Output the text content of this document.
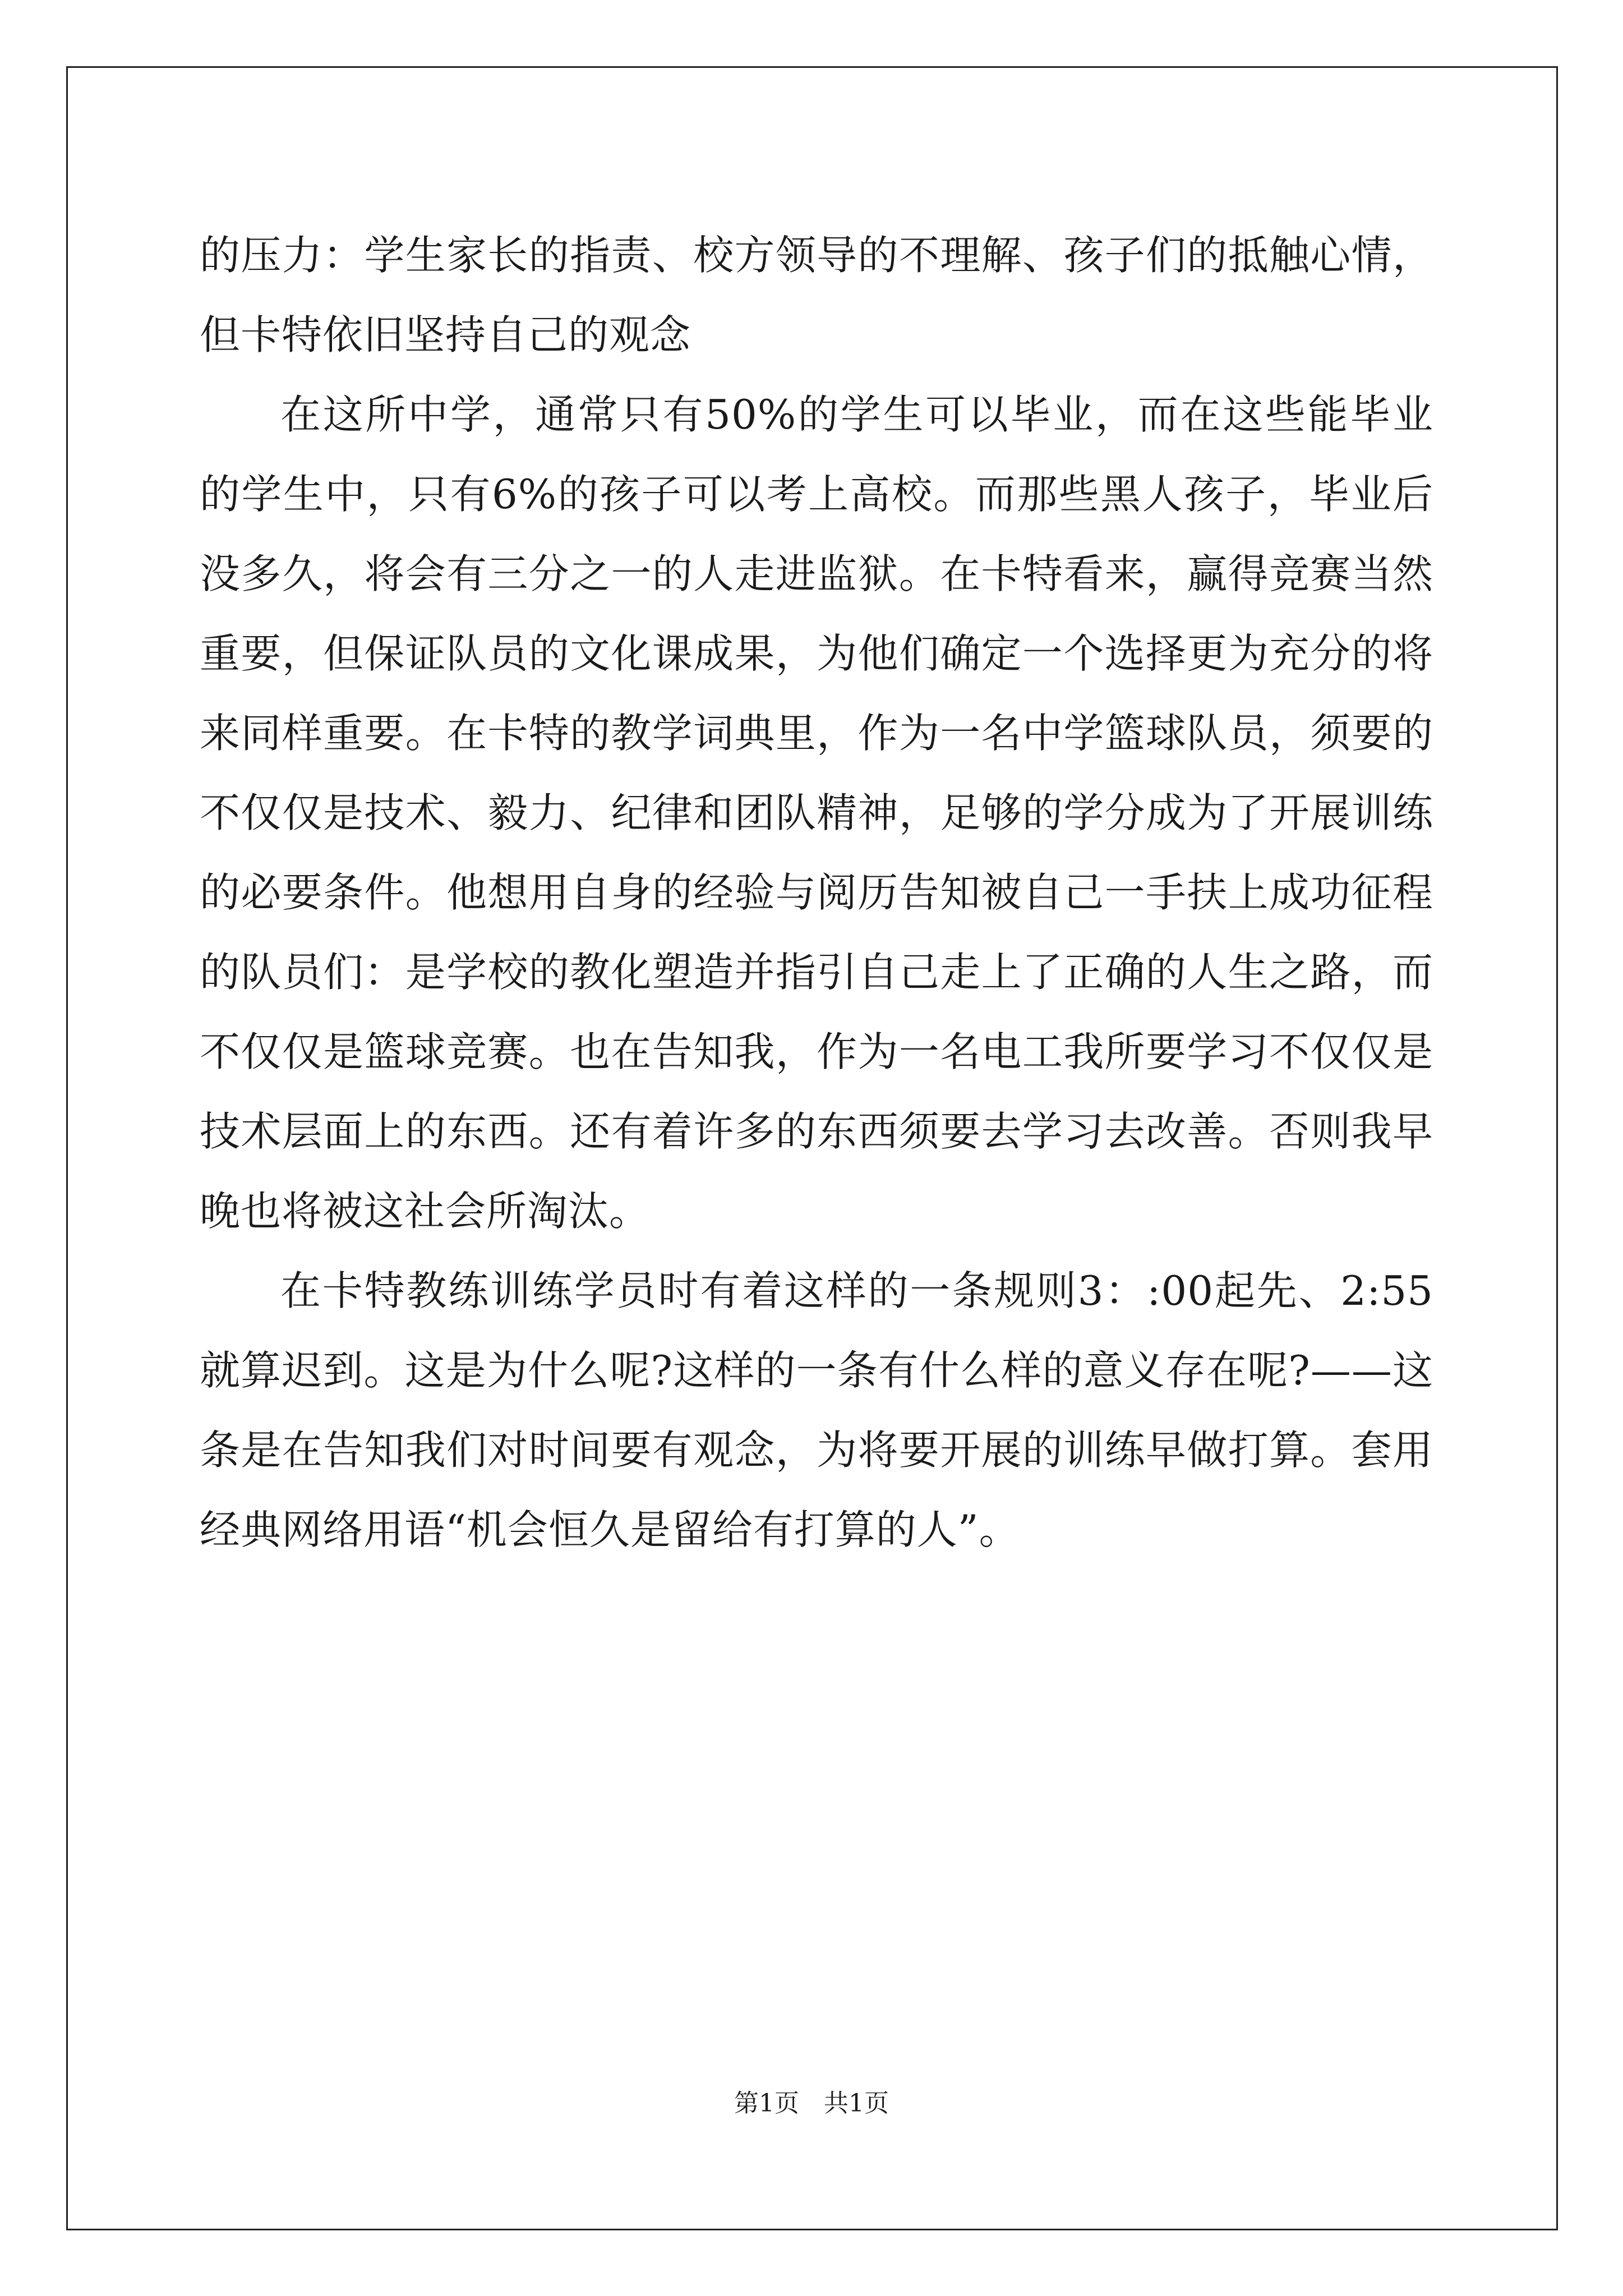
的压力：学生家长的指责、校方领导的不理解、孩子们的抵触心情，但卡特依旧坚持自己的观念

在这所中学，通常只有50%的学生可以毕业，而在这些能毕业的学生中，只有6%的孩子可以考上高校。而那些黑人孩子，毕业后没多久，将会有三分之一的人走进监狱。在卡特看来，赢得竞赛当然重要，但保证队员的文化课成果，为他们确定一个选择更为充分的将来同样重要。在卡特的教学词典里，作为一名中学篮球队员，须要的不仅仅是技术、毅力、纪律和团队精神，足够的学分成为了开展训练的必要条件。他想用自身的经验与阅历告知被自己一手扶上成功征程的队员们：是学校的教化塑造并指引自己走上了正确的人生之路，而不仅仅是篮球竞赛。也在告知我，作为一名电工我所要学习不仅仅是技术层面上的东西。还有着许多的东西须要去学习去改善。否则我早晚也将被这社会所淘汰。

在卡特教练训练学员时有着这样的一条规则3：:00起先、2:55就算迟到。这是为什么呢?这样的一条有什么样的意义存在呢?——这条是在告知我们对时间要有观念，为将要开展的训练早做打算。套用经典网络用语“机会恒久是留给有打算的人”。

第1页 共1页
